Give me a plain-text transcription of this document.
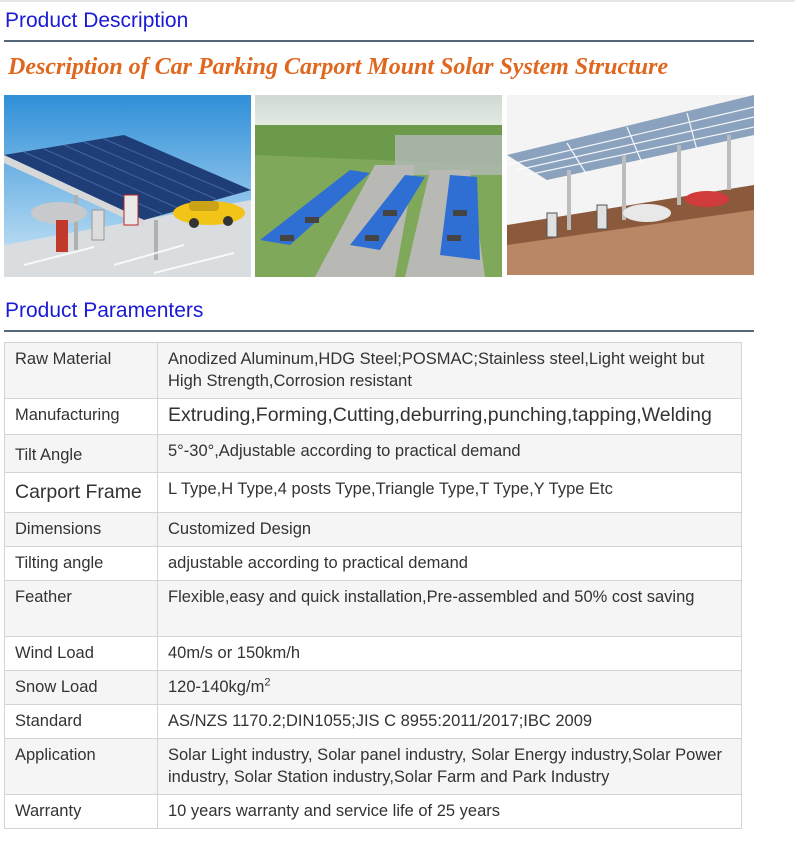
Product Description
Description of Car Parking Carport Mount Solar System Structure
Product Paramenters
Raw Material	Anodized Aluminum,HDG Steel;POSMAC;Stainless steel,Light weight but High Strength,Corrosion resistant
Manufacturing	Extruding,Forming,Cutting,deburring,punching,tapping,Welding
Tilt Angle	5°-30°,Adjustable according to practical demand
Carport Frame	L Type,H Type,4 posts Type,Triangle Type,T Type,Y Type Etc
Dimensions	Customized Design
Tilting angle	adjustable according to practical demand
Feather	Flexible,easy and quick installation,Pre-assembled and 50% cost saving
Wind Load	40m/s or 150km/h
Snow Load	$120-140kg/m^2$
Standard	AS/NZS 1170.2;DIN1055;JIS C 8955:2011/2017;IBC 2009
Application	Solar Light industry, Solar panel industry, Solar Energy industry,Solar Power industry, Solar Station industry,Solar Farm and Park Industry
Warranty	10 years warranty and service life of 25 years
